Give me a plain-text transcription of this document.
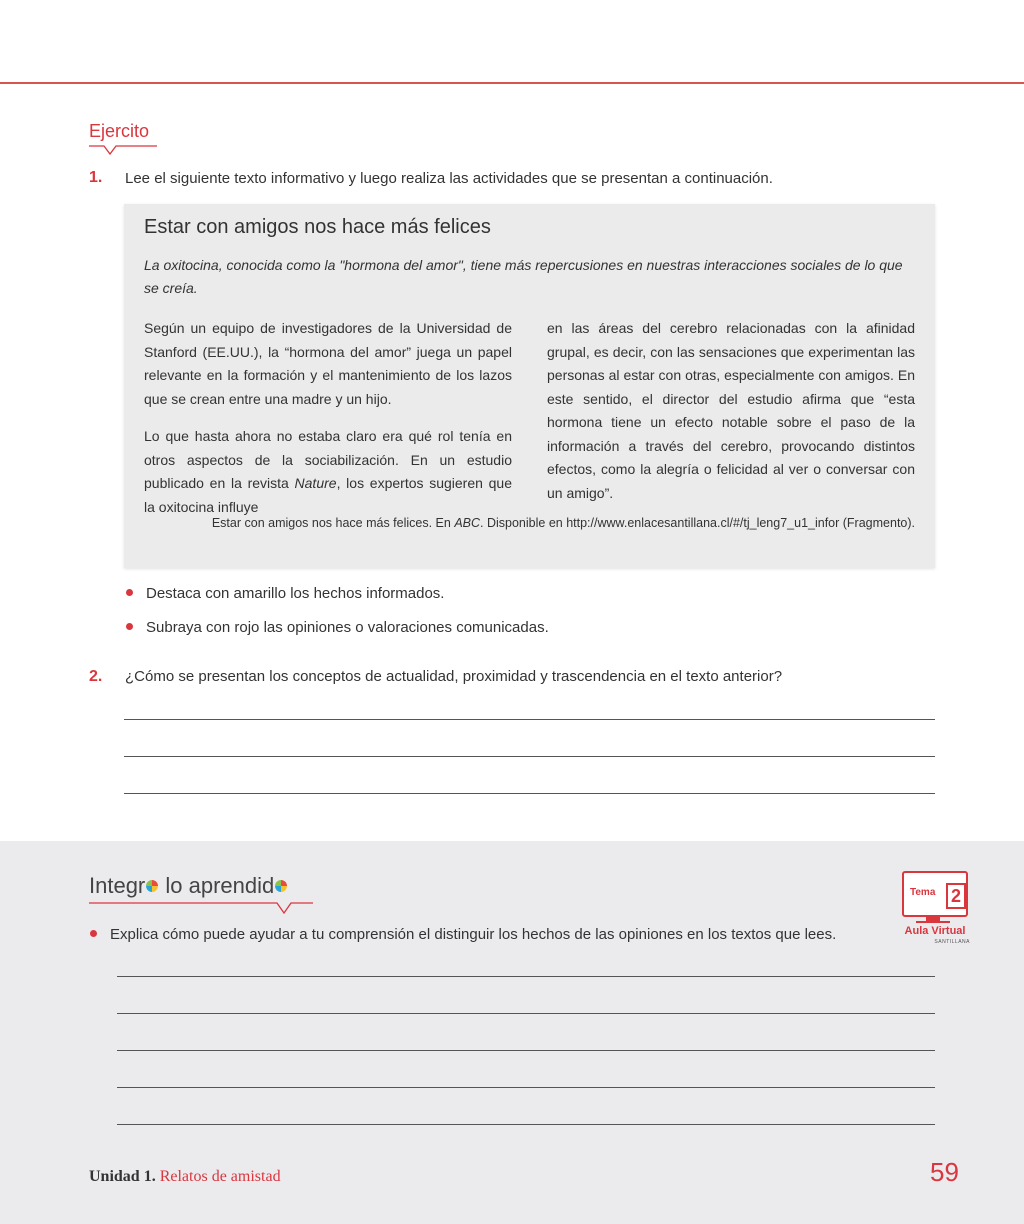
Ejercito
1. Lee el siguiente texto informativo y luego realiza las actividades que se presentan a continuación.
Estar con amigos nos hace más felices
La oxitocina, conocida como la "hormona del amor", tiene más repercusiones en nuestras interacciones sociales de lo que se creía.

Según un equipo de investigadores de la Universidad de Stanford (EE.UU.), la “hormona del amor” juega un papel relevante en la formación y el mantenimiento de los lazos que se crean entre una madre y un hijo.

Lo que hasta ahora no estaba claro era qué rol tenía en otros aspectos de la sociabilización. En un estudio publicado en la revista Nature, los expertos sugieren que la oxitocina influye

en las áreas del cerebro relacionadas con la afinidad grupal, es decir, con las sensaciones que experimentan las personas al estar con otras, especialmente con amigos. En este sentido, el director del estudio afirma que “esta hormona tiene un efecto notable sobre el paso de la información a través del cerebro, provocando distintos efectos, como la alegría o felicidad al ver o conversar con un amigo”.

Estar con amigos nos hace más felices. En ABC. Disponible en http://www.enlacesantillana.cl/#/tj_leng7_u1_infor (Fragmento).
Destaca con amarillo los hechos informados.
Subraya con rojo las opiniones o valoraciones comunicadas.
2. ¿Cómo se presentan los conceptos de actualidad, proximidad y trascendencia en el texto anterior?
Integr lo aprendid
Explica cómo puede ayudar a tu comprensión el distinguir los hechos de las opiniones en los textos que lees.
Tema 2
Aula Virtual
SANTILLANA
Unidad 1. Relatos de amistad	59
